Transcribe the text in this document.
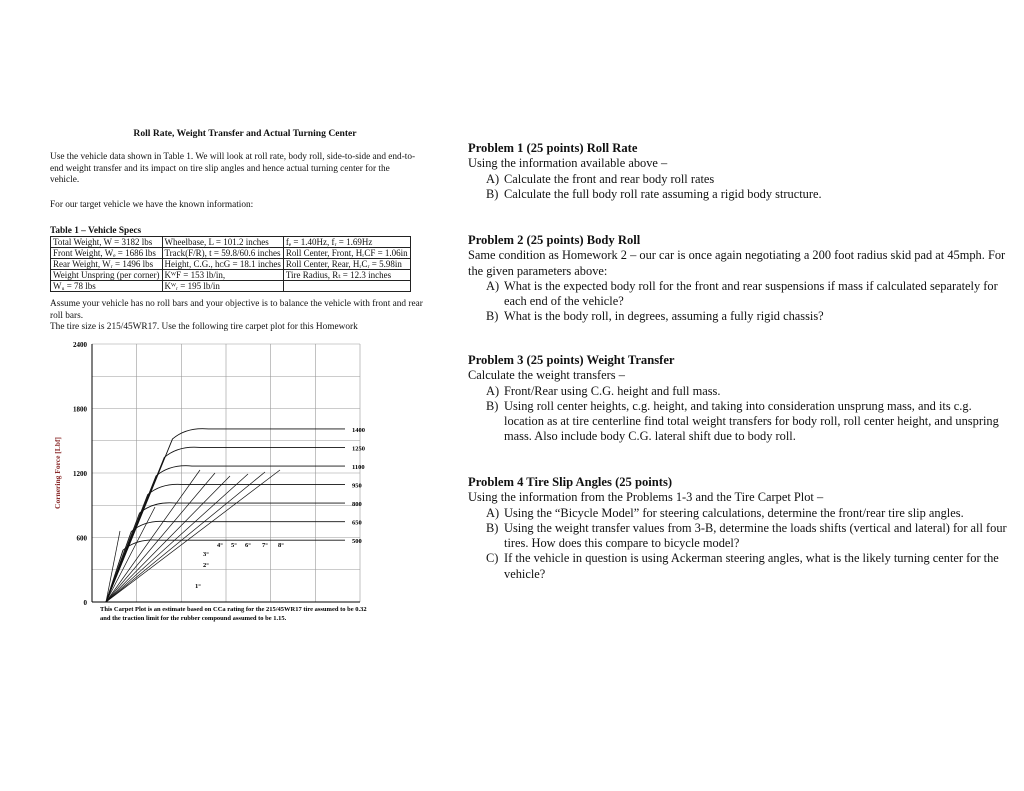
Roll Rate, Weight Transfer and Actual Turning Center
Use the vehicle data shown in Table 1. We will look at roll rate, body roll, side-to-side and end-to-end weight transfer and its impact on tire slip angles and hence actual turning center for the vehicle.
For our target vehicle we have the known information:
Table 1 – Vehicle Specs
Total Weight, W = 3182 lbs	Wheelbase, L = 101.2 inches	fₑ = 1.40Hz, fᵣ = 1.69Hz
Front Weight, Wₑ = 1686 lbs	Track(F/R), t = 59.8/60.6 inches	Roll Center, Front, HᵣCF = 1.06in
Rear Weight, Wᵣ = 1496 lbs	Height, C.G., hᴄG = 18.1 inches	Roll Center, Rear, HᵣCᵣ = 5.98in
Weight Unspring (per corner)	KᵂF = 153 lb/in,	Tire Radius, Rₜ = 12.3 inches
Wᵤ = 78 lbs	Kᵂᵣ = 195 lb/in	
Assume your vehicle has no roll bars and your objective is to balance the vehicle with front and rear roll bars.
The tire size is 215/45WR17. Use the following tire carpet plot for this Homework
2400
1800
1200
600
0
Cornering Force [Lbf]
1400
1250
1100
950
800
650
500
1°
2°
3°
4° 5° 6° 7° 8°
This Carpet Plot is an estimate based on CCa rating for the 215/45WR17 tire assumed to be 0.32
and the traction limit for the rubber compound assumed to be 1.15.
Problem 1 (25 points) Roll Rate

Using the information available above –

A) Calculate the front and rear body roll rates
B) Calculate the full body roll rate assuming a rigid body structure.
Problem 2 (25 points) Body Roll

Same condition as Homework 2 – our car is once again negotiating a 200 foot radius skid pad at 45mph. For the given parameters above:

A) What is the expected body roll for the front and rear suspensions if mass if calculated separately for each end of the vehicle?
B) What is the body roll, in degrees, assuming a fully rigid chassis?
Problem 3 (25 points) Weight Transfer

Calculate the weight transfers –

A) Front/Rear using C.G. height and full mass.
B) Using roll center heights, c.g. height, and taking into consideration unsprung mass, and its c.g. location as at tire centerline find total weight transfers for body roll, roll center height, and unspring mass. Also include body C.G. lateral shift due to body roll.
Problem 4 Tire Slip Angles (25 points)

Using the information from the Problems 1-3 and the Tire Carpet Plot –

A) Using the “Bicycle Model” for steering calculations, determine the front/rear tire slip angles.
B) Using the weight transfer values from 3-B, determine the loads shifts (vertical and lateral) for all four tires. How does this compare to bicycle model?
C) If the vehicle in question is using Ackerman steering angles, what is the likely turning center for the vehicle?
